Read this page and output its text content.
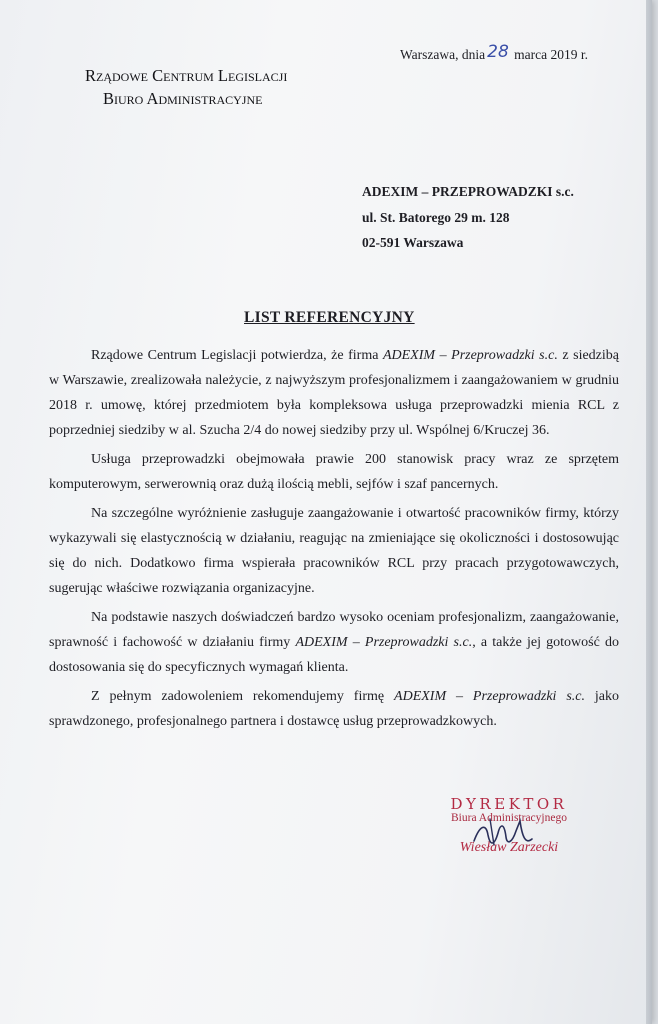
Warszawa, dnia 28 marca 2019 r.
Rządowe Centrum Legislacji
Biuro Administracyjne
ADEXIM – PRZEPROWADZKI s.c.
ul. St. Batorego 29 m. 128
02-591 Warszawa
LIST REFERENCYJNY

Rządowe Centrum Legislacji potwierdza, że firma ADEXIM – Przeprowadzki s.c. z siedzibą w Warszawie, zrealizowała należycie, z najwyższym profesjonalizmem i zaangażowaniem w grudniu 2018 r. umowę, której przedmiotem była kompleksowa usługa przeprowadzki mienia RCL z poprzedniej siedziby w al. Szucha 2/4 do nowej siedziby przy ul. Wspólnej 6/Kruczej 36.

Usługa przeprowadzki obejmowała prawie 200 stanowisk pracy wraz ze sprzętem komputerowym, serwerownią oraz dużą ilością mebli, sejfów i szaf pancernych.

Na szczególne wyróżnienie zasługuje zaangażowanie i otwartość pracowników firmy, którzy wykazywali się elastycznością w działaniu, reagując na zmieniające się okoliczności i dostosowując się do nich. Dodatkowo firma wspierała pracowników RCL przy pracach przygotowawczych, sugerując właściwe rozwiązania organizacyjne.

Na podstawie naszych doświadczeń bardzo wysoko oceniam profesjonalizm, zaangażowanie, sprawność i fachowość w działaniu firmy ADEXIM – Przeprowadzki s.c., a także jej gotowość do dostosowania się do specyficznych wymagań klienta.

Z pełnym zadowoleniem rekomendujemy firmę ADEXIM – Przeprowadzki s.c. jako sprawdzonego, profesjonalnego partnera i dostawcę usług przeprowadzkowych.

DYREKTOR
Biura Administracyjnego
Wiesław Zarzecki
